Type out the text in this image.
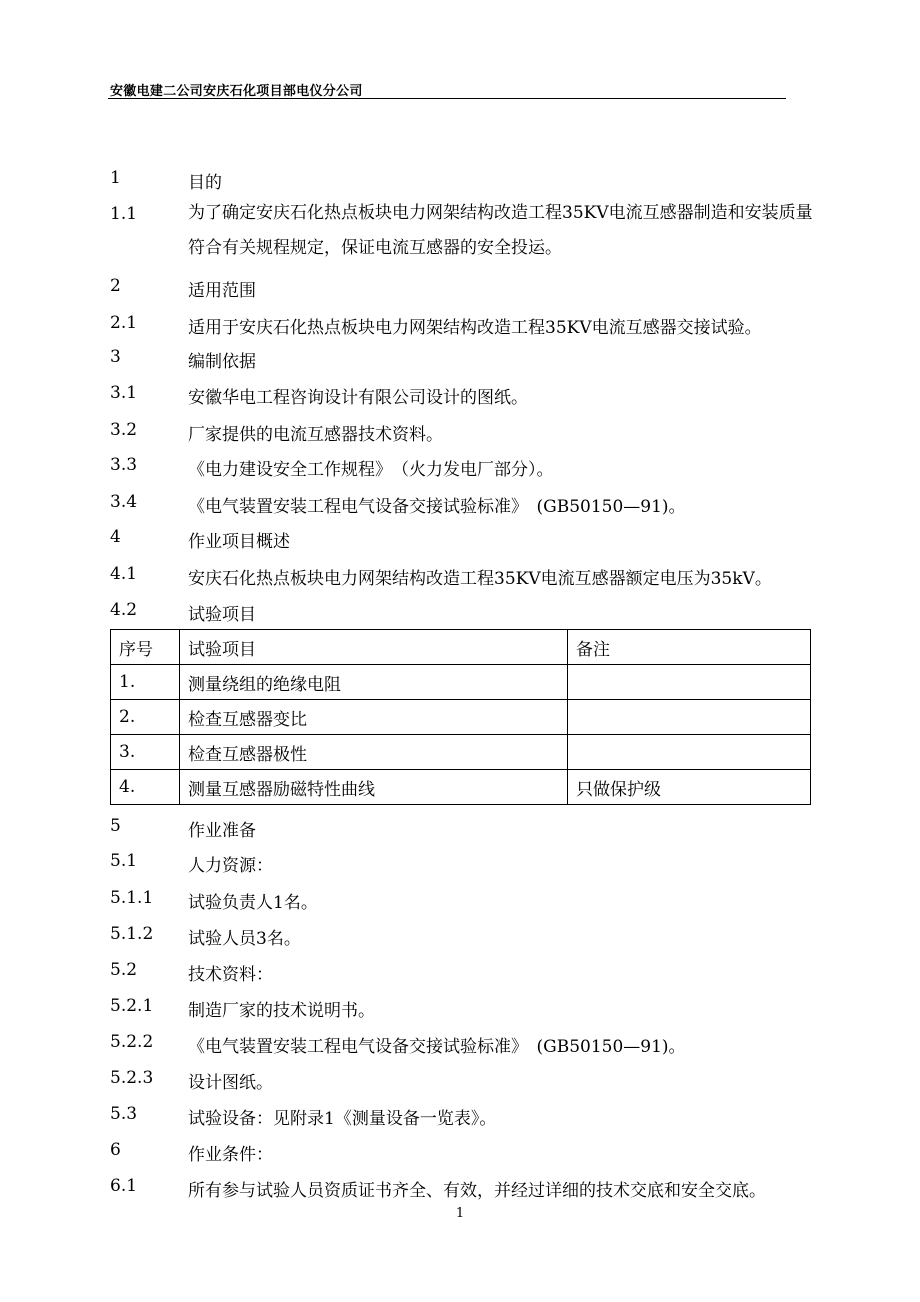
安徽电建二公司安庆石化项目部电仪分公司
1	目的
1.1	为了确定安庆石化热点板块电力网架结构改造工程35KV电流互感器制造和安装质量符合有关规程规定，保证电流互感器的安全投运。
2	适用范围
2.1	适用于安庆石化热点板块电力网架结构改造工程35KV电流互感器交接试验。
3	编制依据
3.1	安徽华电工程咨询设计有限公司设计的图纸。
3.2	厂家提供的电流互感器技术资料。
3.3	《电力建设安全工作规程》　（火力发电厂部分）。
3.4	《电气装置安装工程电气设备交接试验标准》　(GB50150—91)。
4	作业项目概述
4.1	安庆石化热点板块电力网架结构改造工程35KV电流互感器额定电压为35kV。
4.2	试验项目
序号	试验项目	备注
1.	测量绕组的绝缘电阻	
2.	检查互感器变比	
3.	检查互感器极性	
4.	测量互感器励磁特性曲线	只做保护级
5	作业准备
5.1	人力资源：
5.1.1	试验负责人1名。
5.1.2	试验人员3名。
5.2	技术资料：
5.2.1	制造厂家的技术说明书。
5.2.2	《电气装置安装工程电气设备交接试验标准》　(GB50150—91)。
5.2.3	设计图纸。
5.3	试验设备：见附录1《测量设备一览表》。
6	作业条件：
6.1	所有参与试验人员资质证书齐全、有效，并经过详细的技术交底和安全交底。
1
